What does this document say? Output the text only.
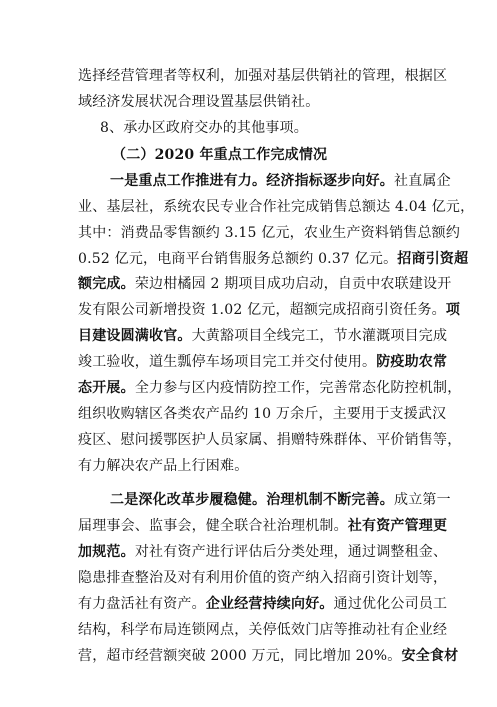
选择经营管理者等权利，加强对基层供销社的管理，根据区
域经济发展状况合理设置基层供销社。
8、承办区政府交办的其他事项。
（二）2020 年重点工作完成情况
一是重点工作推进有力。经济指标逐步向好。社直属企
业、基层社，系统农民专业合作社完成销售总额达 4.04 亿元，
其中：消费品零售额约 3.15 亿元，农业生产资料销售总额约
0.52 亿元，电商平台销售服务总额约 0.37 亿元。招商引资超
额完成。荣边柑橘园 2 期项目成功启动，自贡中农联建设开
发有限公司新增投资 1.02 亿元，超额完成招商引资任务。项
目建设圆满收官。大黄豁项目全线完工，节水灌溉项目完成
竣工验收，道生瓢停车场项目完工并交付使用。防疫助农常
态开展。全力参与区内疫情防控工作，完善常态化防控机制，
组织收购辖区各类农产品约 10 万余斤，主要用于支援武汉
疫区、慰问援鄂医护人员家属、捐赠特殊群体、平价销售等，
有力解决农产品上行困难。
二是深化改革步履稳健。治理机制不断完善。成立第一
届理事会、监事会，健全联合社治理机制。社有资产管理更
加规范。对社有资产进行评估后分类处理，通过调整租金、
隐患排查整治及对有利用价值的资产纳入招商引资计划等，
有力盘活社有资产。企业经营持续向好。通过优化公司员工
结构，科学布局连锁网点，关停低效门店等推动社有企业经
营，超市经营额突破 2000 万元，同比增加 20%。安全食材
